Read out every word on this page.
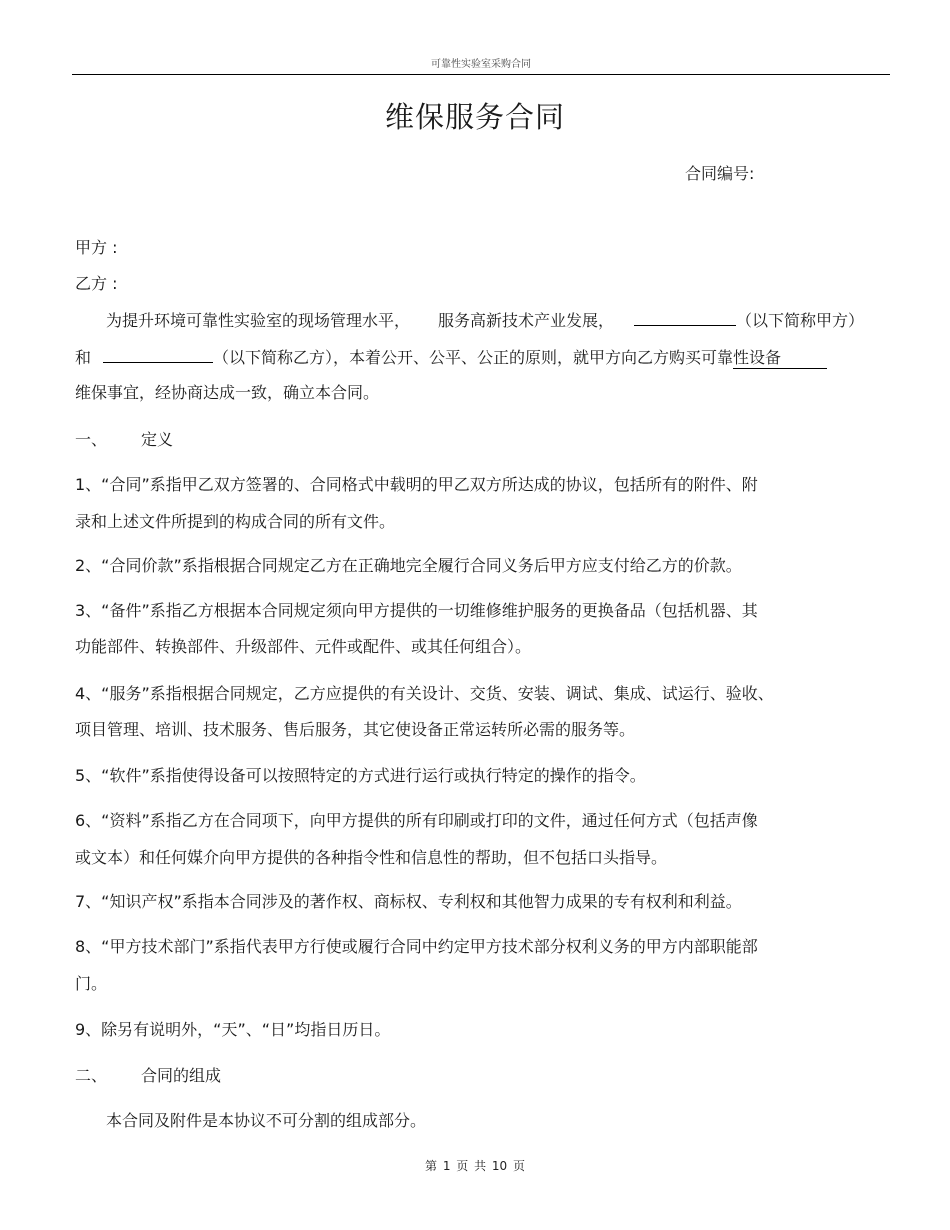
可靠性实验室采购合同
维保服务合同
合同编号:
甲方 :
乙方 :
为提升环境可靠性实验室的现场管理水平， 服务高新技术产业发展，	（以下简称甲方）
和	（以下简称乙方），本着公开、公平、公正的原则，就甲方向乙方购买可靠性设备
维保事宜，经协商达成一致，确立本合同。
一、 定义
1、“合同”系指甲乙双方签署的、合同格式中载明的甲乙双方所达成的协议，包括所有的附件、附
录和上述文件所提到的构成合同的所有文件。
2、“合同价款”系指根据合同规定乙方在正确地完全履行合同义务后甲方应支付给乙方的价款。
3、“备件”系指乙方根据本合同规定须向甲方提供的一切维修维护服务的更换备品（包括机器、其
功能部件、转换部件、升级部件、元件或配件、或其任何组合）。
4、“服务”系指根据合同规定，乙方应提供的有关设计、交货、安装、调试、集成、试运行、验收、
项目管理、培训、技术服务、售后服务，其它使设备正常运转所必需的服务等。
5、“软件”系指使得设备可以按照特定的方式进行运行或执行特定的操作的指令。
6、“资料”系指乙方在合同项下，向甲方提供的所有印刷或打印的文件，通过任何方式（包括声像
或文本）和任何媒介向甲方提供的各种指令性和信息性的帮助，但不包括口头指导。
7、“知识产权”系指本合同涉及的著作权、商标权、专利权和其他智力成果的专有权利和利益。
8、“甲方技术部门”系指代表甲方行使或履行合同中约定甲方技术部分权利义务的甲方内部职能部
门。
9、除另有说明外，“天”、“日”均指日历日。
二、 合同的组成
本合同及附件是本协议不可分割的组成部分。
第 1 页 共 10 页
